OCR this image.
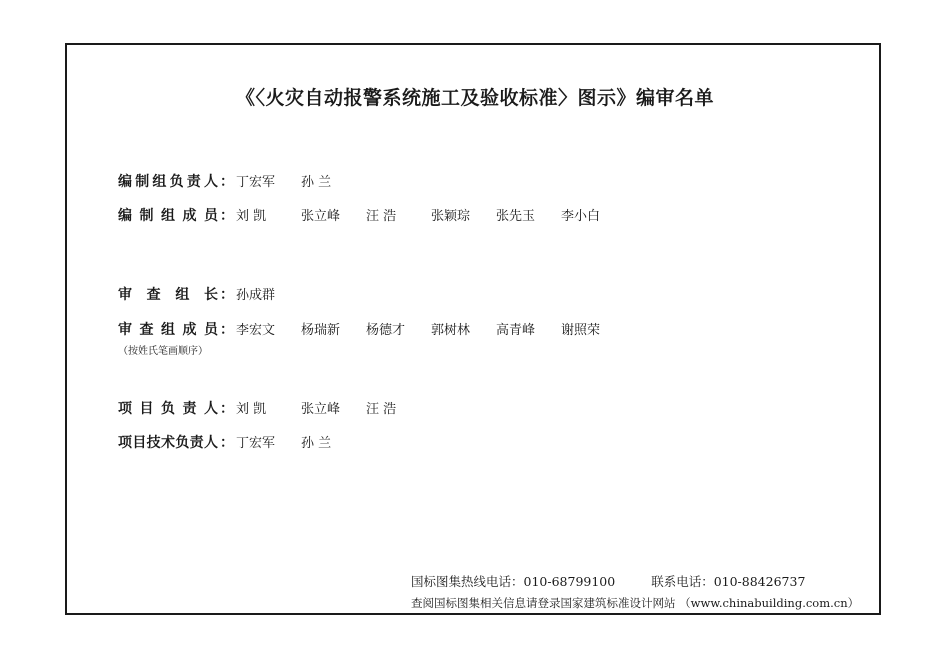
《〈火灾自动报警系统施工及验收标准〉图示》编审名单
编制组负责人 ： 丁宏军	孙 兰
编制组成员 ： 刘 凯	张立峰	汪 浩	张颖琮	张先玉	李小白
审查组长 ： 孙成群
审查组成员 ： 李宏文	杨瑞新	杨德才	郭树林	高青峰	谢照荣
（按姓氏笔画顺序）
项目负责人 ： 刘 凯	张立峰	汪 浩
项目技术负责人 ： 丁宏军	孙 兰
国标图集热线电话：010-68799100	联系电话：010-88426737
查阅国标图集相关信息请登录国家建筑标准设计网站 （www.chinabuilding.com.cn）
